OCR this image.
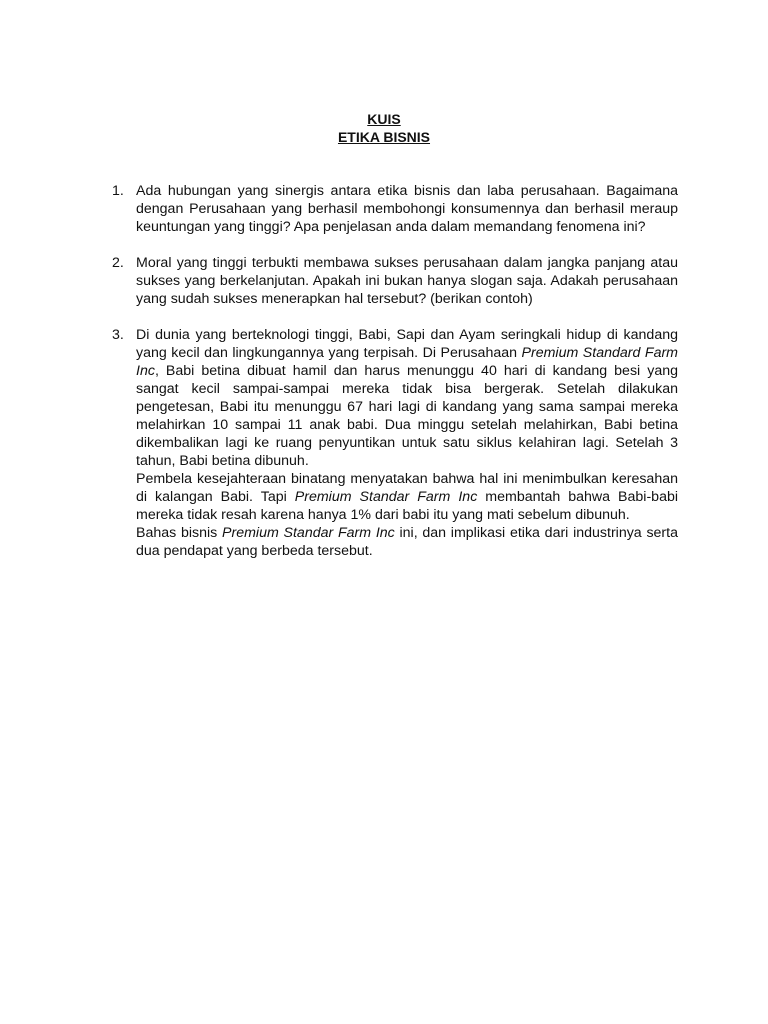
KUIS
ETIKA BISNIS
1. Ada hubungan yang sinergis antara etika bisnis dan laba perusahaan. Bagaimana dengan Perusahaan yang berhasil membohongi konsumennya dan berhasil meraup keuntungan yang tinggi? Apa penjelasan anda dalam memandang fenomena ini?

2. Moral yang tinggi terbukti membawa sukses perusahaan dalam jangka panjang atau sukses yang berkelanjutan. Apakah ini bukan hanya slogan saja. Adakah perusahaan yang sudah sukses menerapkan hal tersebut? (berikan contoh)

3. Di dunia yang berteknologi tinggi, Babi, Sapi dan Ayam seringkali hidup di kandang yang kecil dan lingkungannya yang terpisah. Di Perusahaan Premium Standard Farm Inc, Babi betina dibuat hamil dan harus menunggu 40 hari di kandang besi yang sangat kecil sampai-sampai mereka tidak bisa bergerak. Setelah dilakukan pengetesan, Babi itu menunggu 67 hari lagi di kandang yang sama sampai mereka melahirkan 10 sampai 11 anak babi. Dua minggu setelah melahirkan, Babi betina dikembalikan lagi ke ruang penyuntikan untuk satu siklus kelahiran lagi. Setelah 3 tahun, Babi betina dibunuh.

Pembela kesejahteraan binatang menyatakan bahwa hal ini menimbulkan keresahan di kalangan Babi. Tapi Premium Standar Farm Inc membantah bahwa Babi-babi mereka tidak resah karena hanya 1% dari babi itu yang mati sebelum dibunuh.

Bahas bisnis Premium Standar Farm Inc ini, dan implikasi etika dari industrinya serta dua pendapat yang berbeda tersebut.
